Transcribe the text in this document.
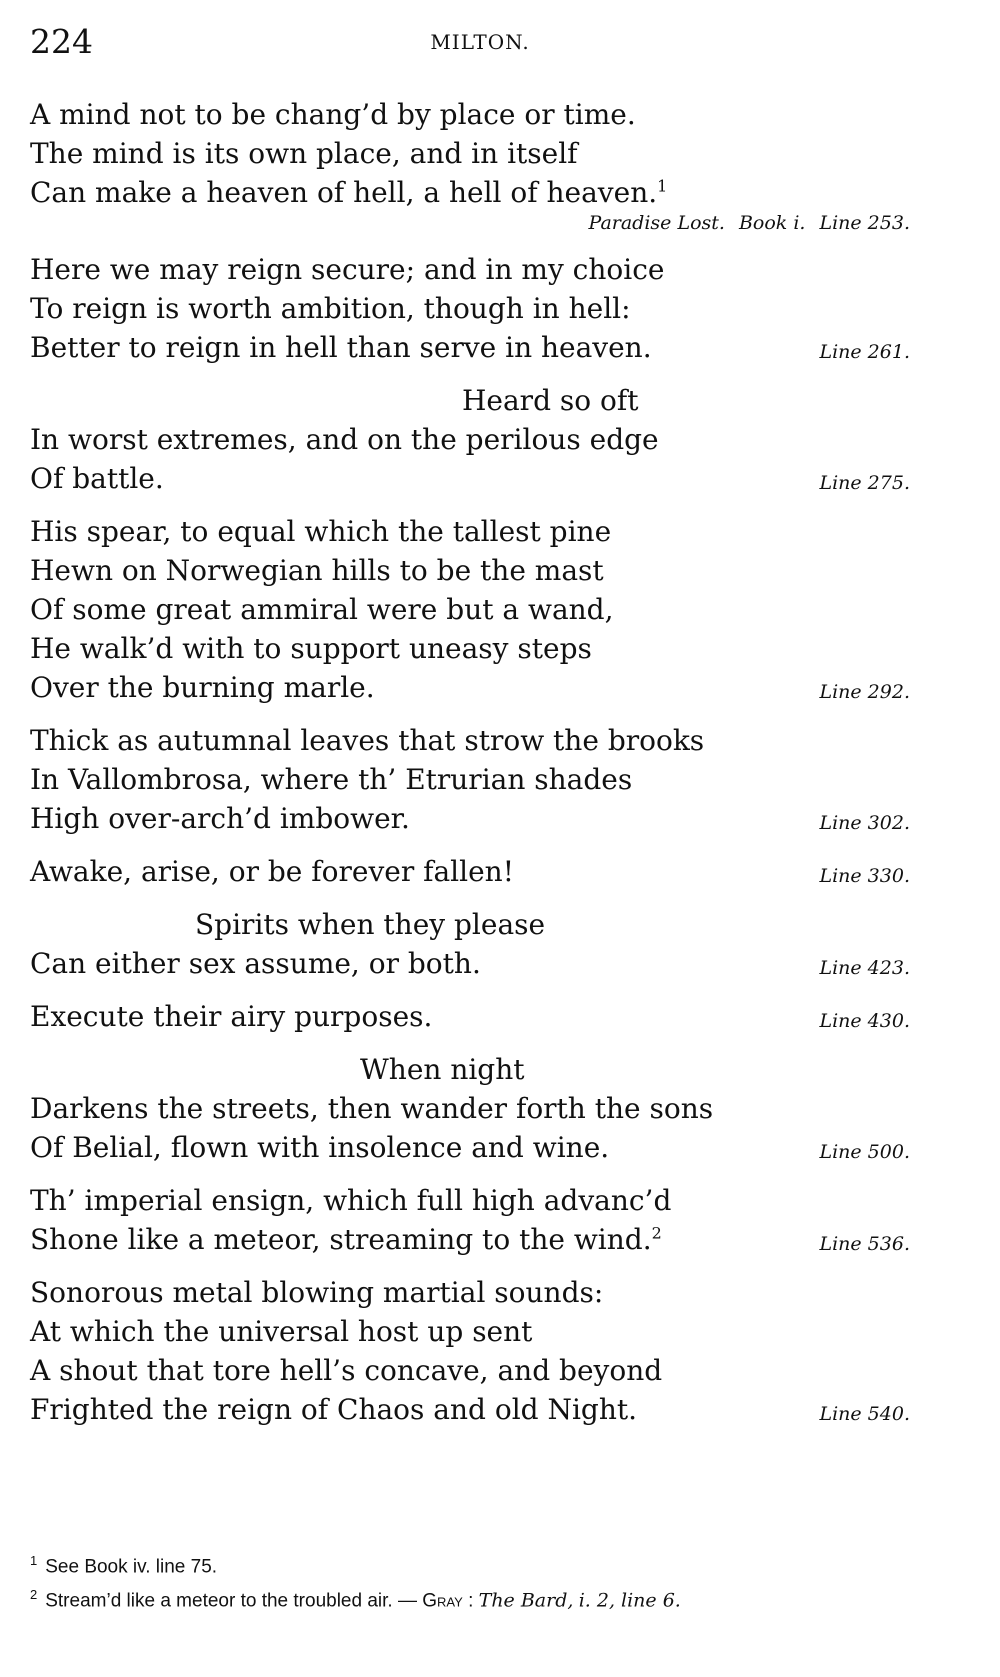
224	MILTON.
A mind not to be chang’d by place or time.
The mind is its own place, and in itself
Can make a heaven of hell, a hell of heaven.$^1$
Paradise Lost. Book i. Line 253.
Here we may reign secure; and in my choice
To reign is worth ambition, though in hell:
Better to reign in hell than serve in heaven.	Line 261.
Heard so oft
In worst extremes, and on the perilous edge
Of battle.	Line 275.
His spear, to equal which the tallest pine
Hewn on Norwegian hills to be the mast
Of some great ammiral were but a wand,
He walk’d with to support uneasy steps
Over the burning marle.	Line 292.
Thick as autumnal leaves that strow the brooks
In Vallombrosa, where th’ Etrurian shades
High over-arch’d imbower.	Line 302.
Awake, arise, or be forever fallen!	Line 330.
Spirits when they please
Can either sex assume, or both.	Line 423.
Execute their airy purposes.	Line 430.
When night
Darkens the streets, then wander forth the sons
Of Belial, flown with insolence and wine.	Line 500.
Th’ imperial ensign, which full high advanc’d
Shone like a meteor, streaming to the wind.$^2$	Line 536.
Sonorous metal blowing martial sounds:
At which the universal host up sent
A shout that tore hell’s concave, and beyond
Frighted the reign of Chaos and old Night.	Line 540.
$^1$ See Book iv. line 75.
$^2$ Stream’d like a meteor to the troubled air. — Gray : The Bard, i. 2, line 6.
